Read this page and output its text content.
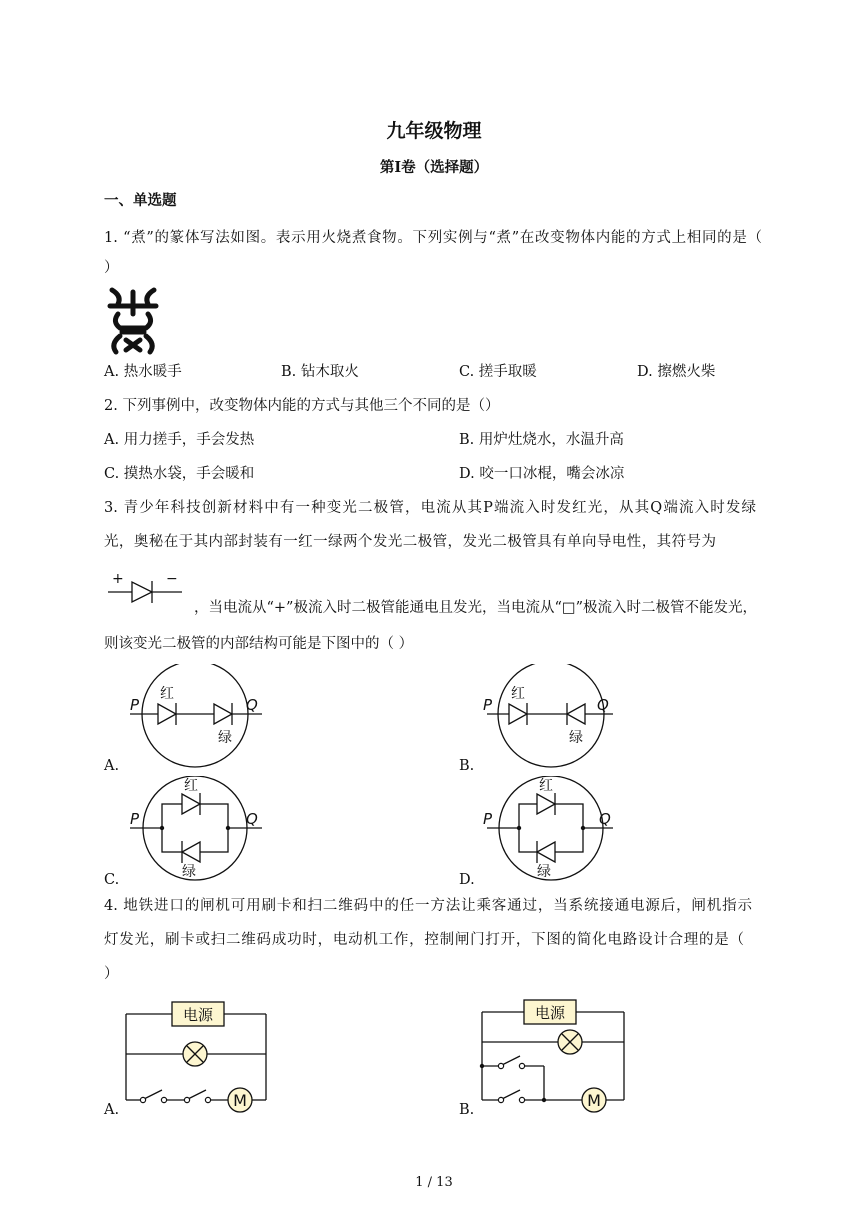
九年级物理
第I卷（选择题）
一、单选题
1. “煮”的篆体写法如图。表示用火烧煮食物。下列实例与“煮”在改变物体内能的方式上相同的是（
）
A. 热水暖手	B. 钻木取火	C. 搓手取暖	D. 擦燃火柴
2. 下列事例中，改变物体内能的方式与其他三个不同的是（）
A. 用力搓手，手会发热	B. 用炉灶烧水，水温升高
C. 摸热水袋，手会暖和	D. 咬一口冰棍，嘴会冰凉
3. 青少年科技创新材料中有一种变光二极管，电流从其P端流入时发红光，从其Q端流入时发绿
光，奥秘在于其内部封装有一红一绿两个发光二极管，发光二极管具有单向导电性，其符号为
+	−
，当电流从“+”极流入时二极管能通电且发光，当电流从“□”极流入时二极管不能发光，
则该变光二极管的内部结构可能是下图中的（ ）
P	Q
红
绿
A.
P	Q
红
绿
B.
P	Q
红
绿
C.
P	Q
红
绿
D.
4. 地铁进口的闸机可用刷卡和扫二维码中的任一方法让乘客通过，当系统接通电源后，闸机指示
灯发光，刷卡或扫二维码成功时，电动机工作，控制闸门打开，下图的简化电路设计合理的是（
）
电源
M
A.
电源
M
B.
1 / 13
